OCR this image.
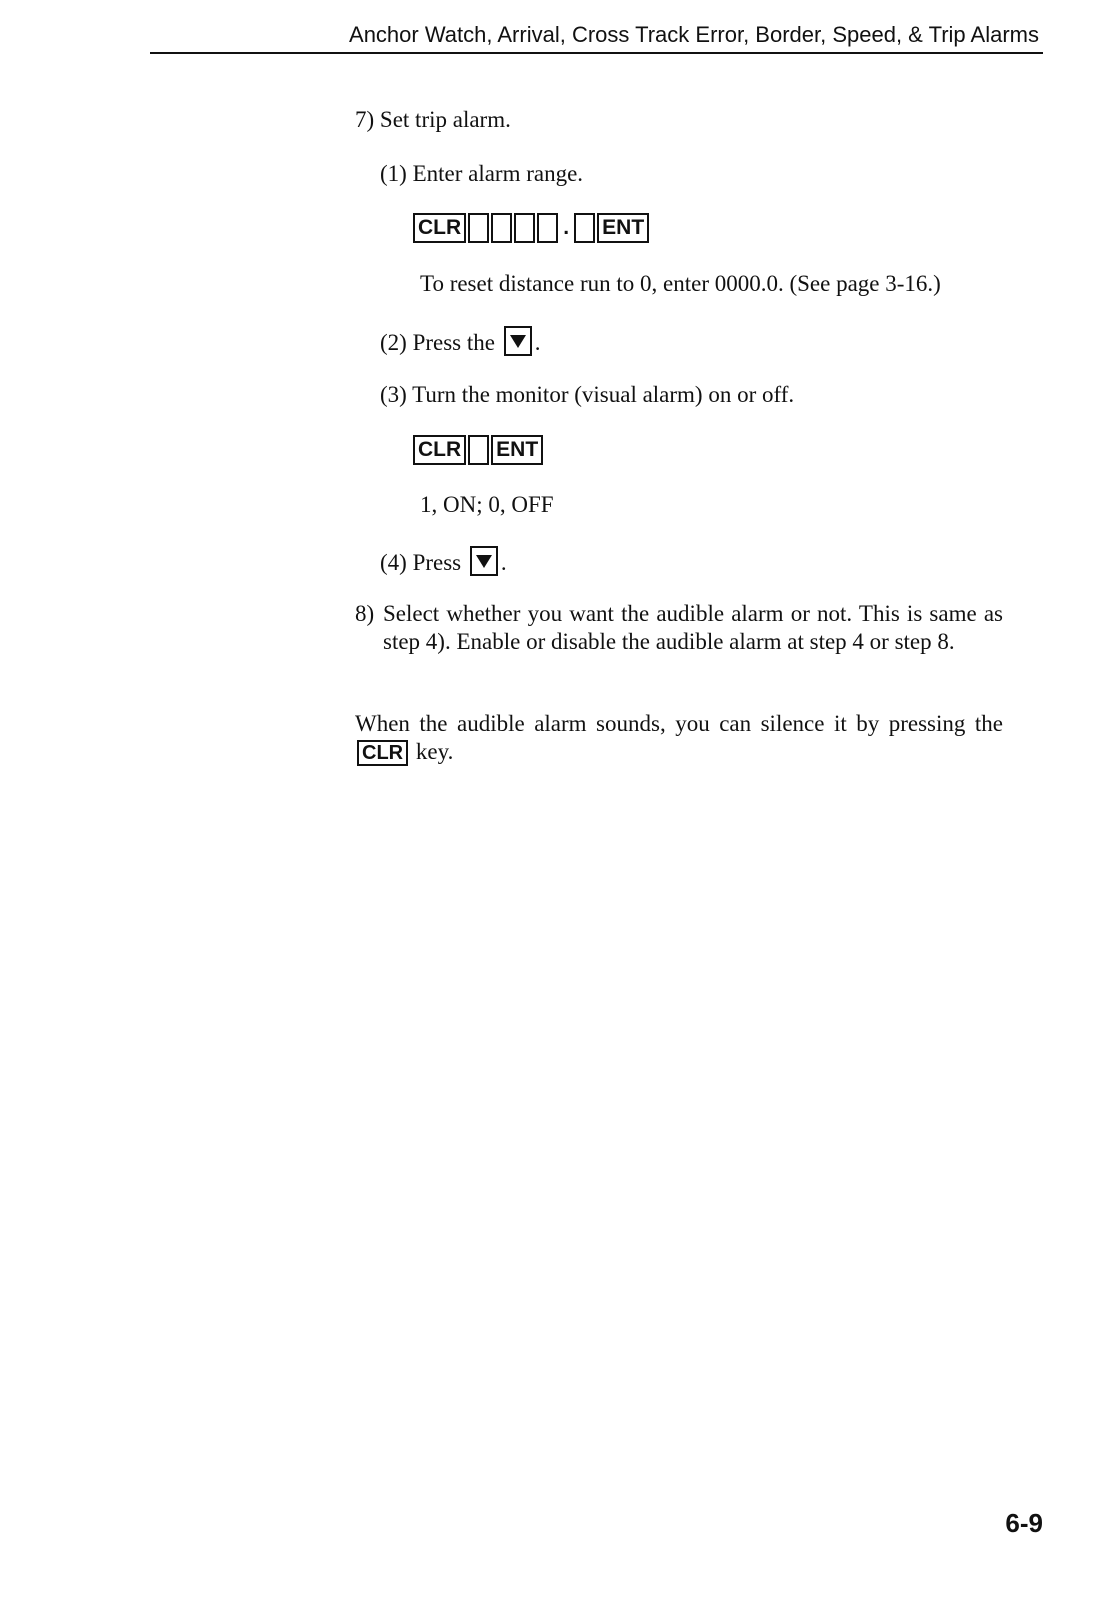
Anchor Watch, Arrival, Cross Track Error, Border, Speed, & Trip Alarms
7) Set trip alarm.
(1) Enter alarm range.
CLR	. ENT
To reset distance run to 0, enter 0000.0. (See page 3-16.)
(2) Press the .
(3) Turn the monitor (visual alarm) on or off.
CLR ENT
1, ON; 0, OFF
(4) Press .
8) Select whether you want the audible alarm or not. This is same as step 4). Enable or disable the audible alarm at step 4 or step 8.
When the audible alarm sounds, you can silence it by pressing the CLR key.
6-9
